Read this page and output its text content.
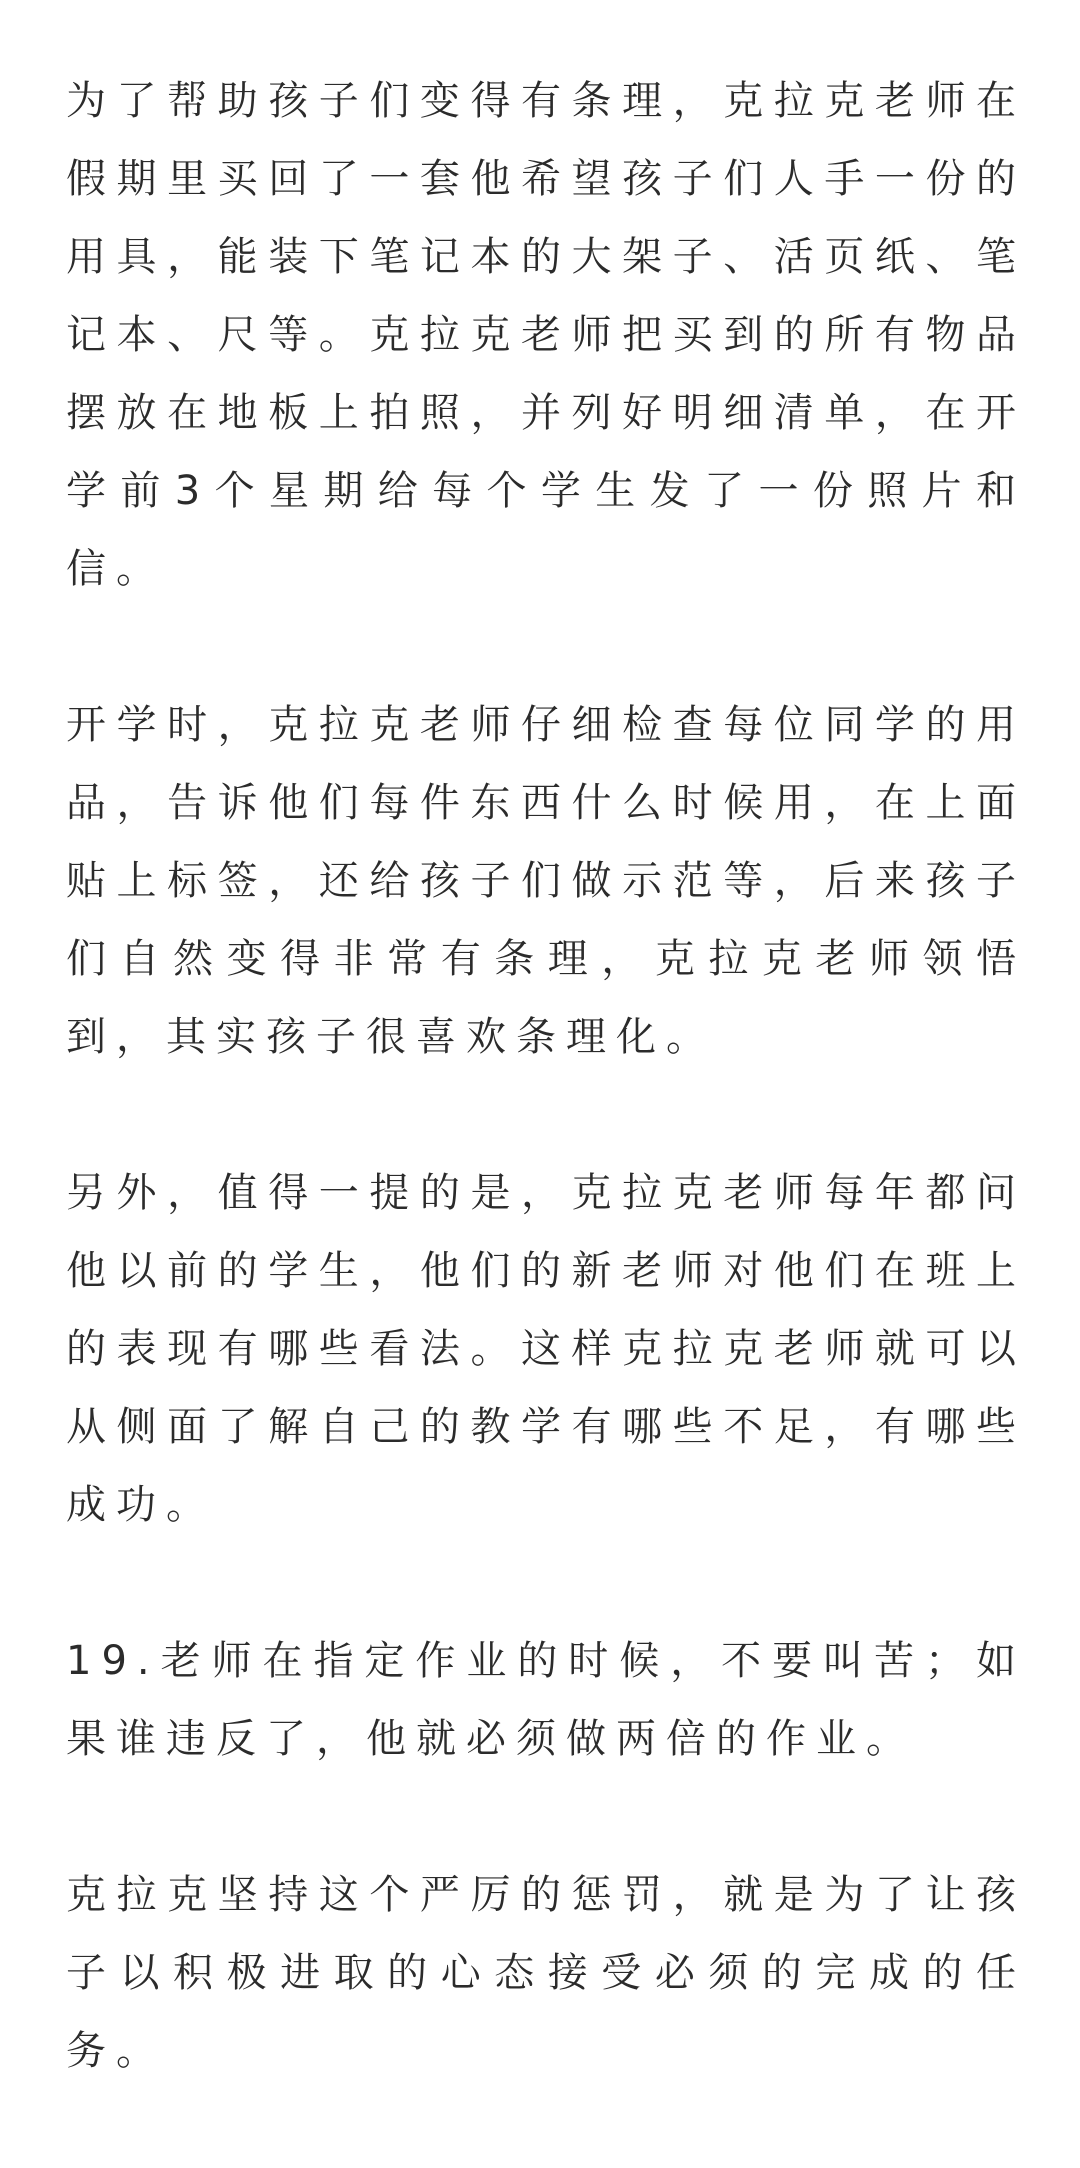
为了帮助孩子们变得有条理，克拉克老师在假期里买回了一套他希望孩子们人手一份的用具，能装下笔记本的大架子、活页纸、笔记本、尺等。克拉克老师把买到的所有物品摆放在地板上拍照，并列好明细清单，在开学前3个星期给每个学生发了一份照片和信。

开学时，克拉克老师仔细检查每位同学的用品，告诉他们每件东西什么时候用，在上面贴上标签，还给孩子们做示范等，后来孩子们自然变得非常有条理，克拉克老师领悟到，其实孩子很喜欢条理化。

另外，值得一提的是，克拉克老师每年都问他以前的学生，他们的新老师对他们在班上的表现有哪些看法。这样克拉克老师就可以从侧面了解自己的教学有哪些不足，有哪些成功。

19.老师在指定作业的时候，不要叫苦；如果谁违反了，他就必须做两倍的作业。

克拉克坚持这个严厉的惩罚，就是为了让孩子以积极进取的心态接受必须的完成的任务。
